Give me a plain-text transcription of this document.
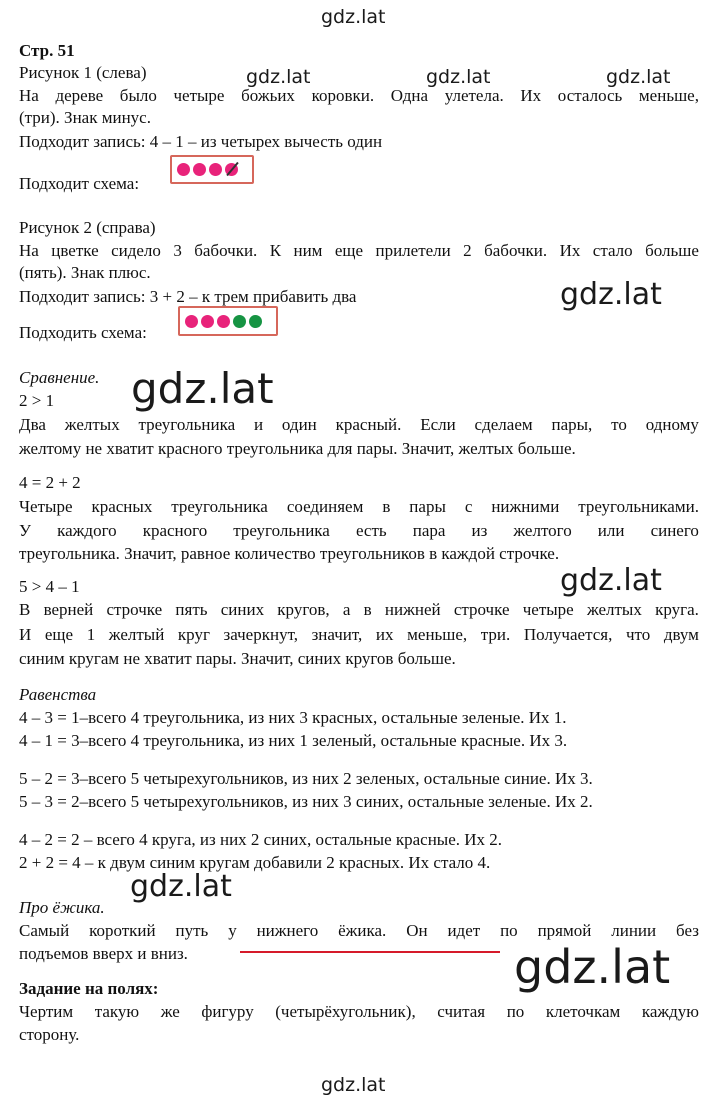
gdz.lat
gdz.lat	gdz.lat	gdz.lat
gdz.lat
gdz.lat
gdz.lat
gdz.lat
gdz.lat
gdz.lat
Стр. 51
Рисунок 1 (слева)
На дереве было четыре божьих коровки. Одна улетела. Их осталось меньше,
(три). Знак минус.
Подходит запись: 4 – 1 – из четырех вычесть один
Подходит схема:
Рисунок 2 (справа)
На цветке сидело 3 бабочки. К ним еще прилетели 2 бабочки. Их стало больше
(пять). Знак плюс.
Подходит запись: 3 + 2 – к трем прибавить два
Подходить схема:
Сравнение.
2 > 1
Два желтых треугольника и один красный. Если сделаем пары, то одному
желтому не хватит красного треугольника для пары. Значит, желтых больше.
4 = 2 + 2
Четыре красных треугольника соединяем в пары с нижними треугольниками.
У каждого красного треугольника есть пара из желтого или синего
треугольника. Значит, равное количество треугольников в каждой строчке.
5 > 4 – 1
В верней строчке пять синих кругов, а в нижней строчке четыре желтых круга.
И еще 1 желтый круг зачеркнут, значит, их меньше, три. Получается, что двум
синим кругам не хватит пары. Значит, синих кругов больше.
Равенства
4 – 3 = 1–всего 4 треугольника, из них 3 красных, остальные зеленые. Их 1.
4 – 1 = 3–всего 4 треугольника, из них 1 зеленый, остальные красные. Их 3.
5 – 2 = 3–всего 5 четырехугольников, из них 2 зеленых, остальные синие. Их 3.
5 – 3 = 2–всего 5 четырехугольников, из них 3 синих, остальные зеленые. Их 2.
4 – 2 = 2 – всего 4 круга, из них 2 синих, остальные красные. Их 2.
2 + 2 = 4 – к двум синим кругам добавили 2 красных. Их стало 4.
Про ёжика.
Самый короткий путь у нижнего ёжика. Он идет по прямой линии без
подъемов вверх и вниз.
Задание на полях:
Чертим такую же фигуру (четырёхугольник), считая по клеточкам каждую
сторону.
